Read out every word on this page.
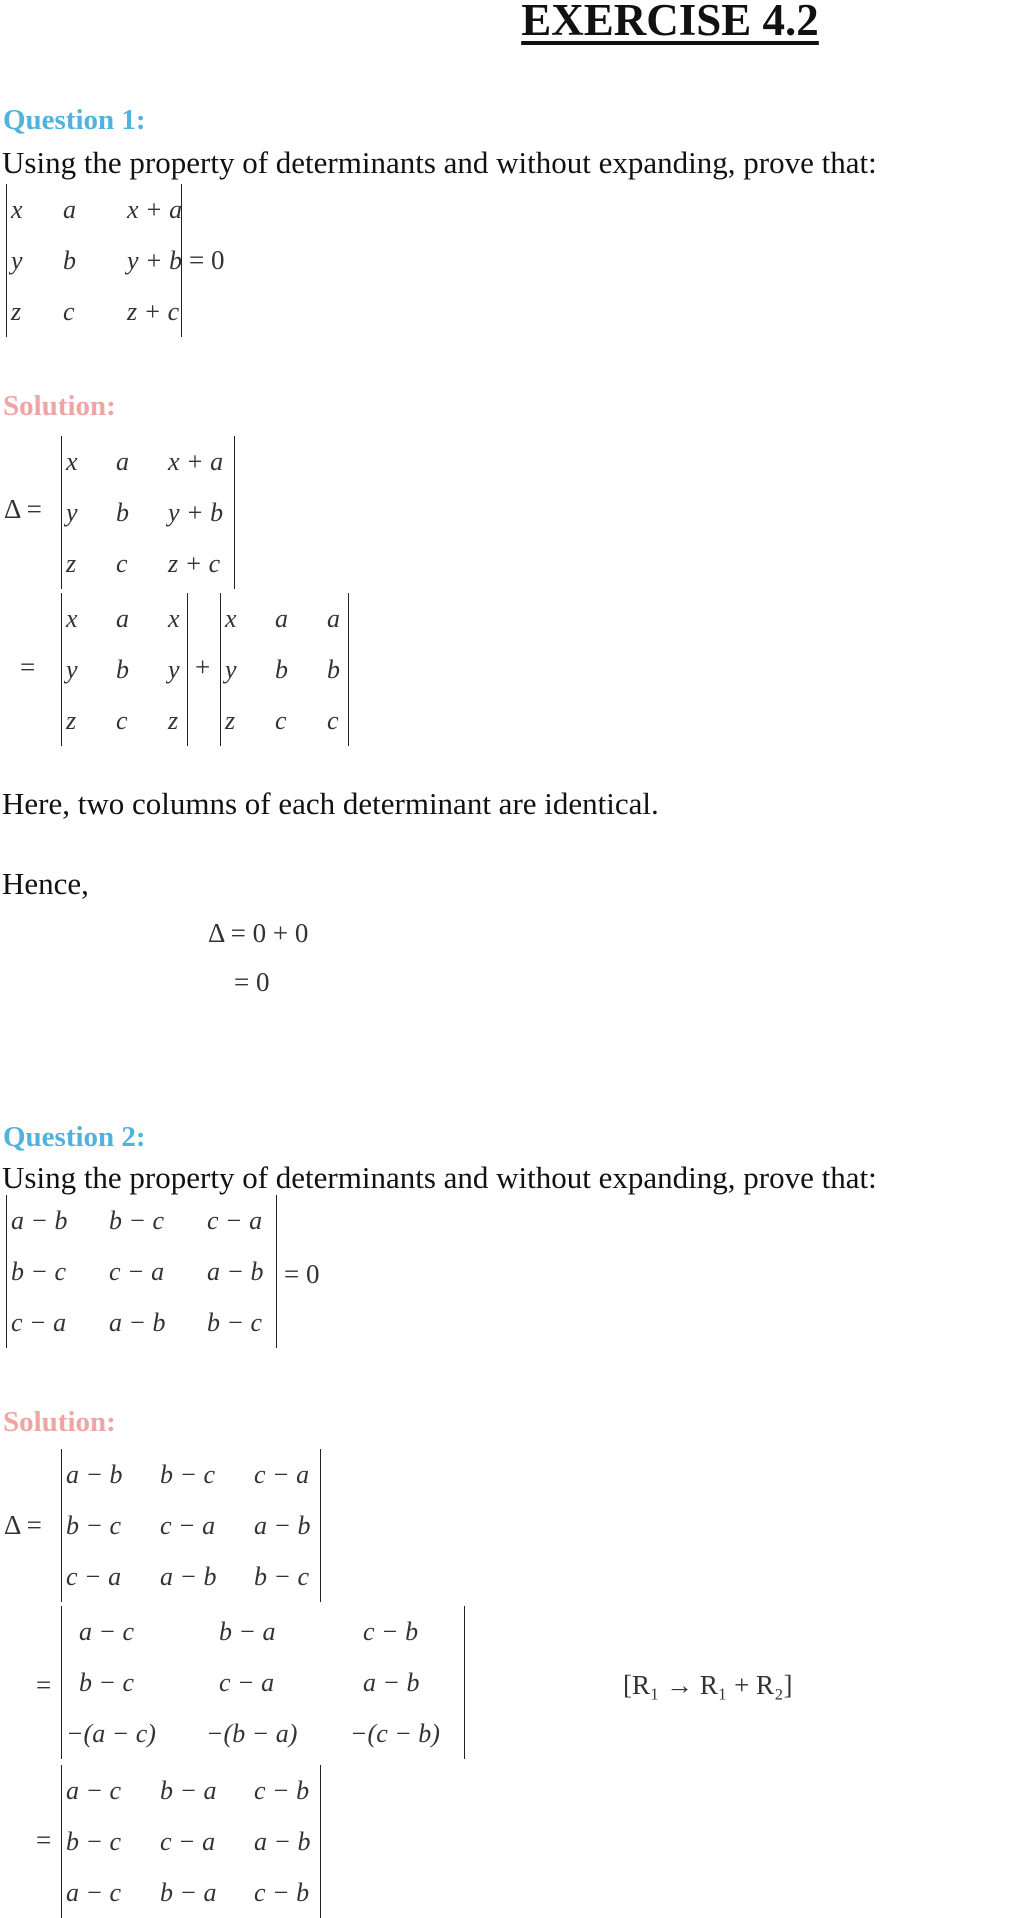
EXERCISE 4.2
Question 1:
Using the property of determinants and without expanding, prove that:
x	a	x + a
y	b	y + b
z	c	z + c
= 0
Solution:
Δ =
x	a	x + a
y	b	y + b
z	c	z + c
=
x	a	x
y	b	y
z	c	z
+
x	a	a
y	b	b
z	c	c
Here, two columns of each determinant are identical.
Hence,
Δ = 0 + 0
= 0
Question 2:
Using the property of determinants and without expanding, prove that:
a − b	b − c	c − a
b − c	c − a	a − b
c − a	a − b	b − c
= 0
Solution:
Δ =
a − b	b − c	c − a
b − c	c − a	a − b
c − a	a − b	b − c
=
a − c	b − a	c − b
b − c	c − a	a − b
−(a − c)	−(b − a)	−(c − b)
[R₁ → R₁ + R₂]
=
a − c	b − a	c − b
b − c	c − a	a − b
a − c	b − a	c − b
